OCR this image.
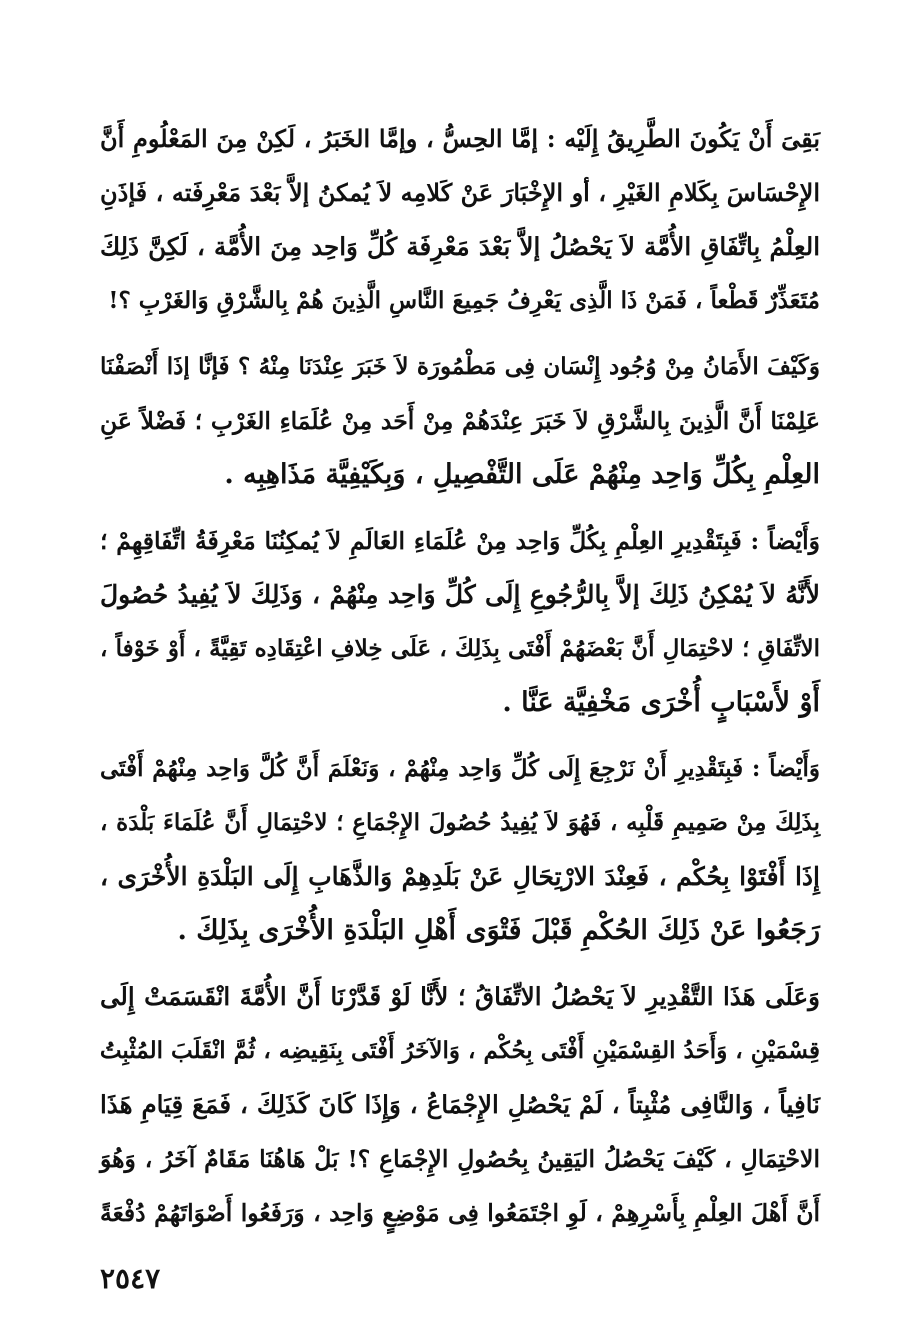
بَقِىَ أَنْ يَكُونَ الطَّرِيقُ إِلَيْه : إمَّا الحِسُّ ، وإمَّا الخَبَرُ ، لَكِنْ مِنَ المَعْلُومِ أَنَّ
الإِحْسَاسَ بِكَلامِ الغَيْرِ ، أو الإِخْبَارَ عَنْ كَلامِه لاَ يُمكنُ إلاَّ بَعْدَ مَعْرِفَته ، فَإذَنِ
العِلْمُ بِاتِّفَاقِ الأُمَّة لاَ يَحْصُلُ إلاَّ بَعْدَ مَعْرِفَة كُلِّ وَاحِد مِنَ الأُمَّة ، لَكِنَّ ذَلِكَ
مُتَعَذِّرٌ قَطْعاً ، فَمَنْ ذَا الَّذِى يَعْرِفُ جَمِيعَ النَّاسِ الَّذِينَ هُمْ بِالشَّرْقِ وَالغَرْبِ ؟!

وَكَيْفَ الأَمَانُ مِنْ وُجُود إِنْسَان فِى مَطْمُورَة لاَ خَبَرَ عِنْدَنَا مِنْهُ ؟ فَإنَّا إذَا أَنْصَفْنَا
عَلِمْنَا أَنَّ الَّذِينَ بِالشَّرْقِ لاَ خَبَرَ عِنْدَهُمْ مِنْ أَحَد مِنْ عُلَمَاءِ الغَرْبِ ؛ فَضْلاً عَنِ
العِلْمِ بِكُلِّ وَاحِد مِنْهُمْ عَلَى التَّفْصِيلِ ، وَبِكَيْفِيَّة مَذَاهِبِه .

وَأَيْضاً : فَبِتَقْدِيرِ العِلْمِ بِكُلِّ وَاحِد مِنْ عُلَمَاءِ العَالَمِ لاَ يُمكِنُنَا مَعْرِفَةُ اتِّفَاقِهِمْ ؛
لأَنَّهُ لاَ يُمْكِنُ ذَلِكَ إلاَّ بِالرُّجُوعِ إِلَى كُلِّ وَاحِد مِنْهُمْ ، وَذَلِكَ لاَ يُفِيدُ حُصُولَ
الاتِّفَاقِ ؛ لاحْتِمَالِ أَنَّ بَعْضَهُمْ أَفْتَى بِذَلِكَ ، عَلَى خِلافِ اعْتِقَادِه تَقِيَّةً ، أَوْ خَوْفاً ،
أَوْ لأَسْبَابٍ أُخْرَى مَخْفِيَّة عَنَّا .

وَأَيْضاً : فَبِتَقْدِيرِ أَنْ نَرْجِعَ إِلَى كُلِّ وَاحِد مِنْهُمْ ، وَنَعْلَمَ أَنَّ كُلَّ وَاحِد مِنْهُمْ أَفْتَى
بِذَلِكَ مِنْ صَمِيمِ قَلْبِه ، فَهُوَ لاَ يُفِيدُ حُصُولَ الإِجْمَاعِ ؛ لاحْتِمَالِ أَنَّ عُلَمَاءَ بَلْدَة ،
إِذَا أَفْتَوْا بِحُكْم ، فَعِنْدَ الارْتِحَالِ عَنْ بَلَدِهِمْ وَالذَّهَابِ إِلَى البَلْدَةِ الأُخْرَى ،
رَجَعُوا عَنْ ذَلِكَ الحُكْمِ قَبْلَ فَتْوَى أَهْلِ البَلْدَةِ الأُخْرَى بِذَلِكَ .

وَعَلَى هَذَا التَّقْدِيرِ لاَ يَحْصُلُ الاتِّفَاقُ ؛ لأَنَّا لَوْ قَدَّرْنَا أَنَّ الأُمَّةَ انْقَسَمَتْ إِلَى
قِسْمَيْنِ ، وَأَحَدُ القِسْمَيْنِ أَفْتَى بِحُكْم ، وَالآخَرُ أَفْتَى بِنَقِيضِه ، ثُمَّ انْقَلَبَ المُثْبِتُ
نَافِياً ، وَالنَّافِى مُثْبِتاً ، لَمْ يَحْصُلِ الإِجْمَاعُ ، وَإِذَا كَانَ كَذَلِكَ ، فَمَعَ قِيَامِ هَذَا
الاحْتِمَالِ ، كَيْفَ يَحْصُلُ اليَقِينُ بِحُصُولِ الإِجْمَاعِ ؟! بَلْ هَاهُنَا مَقَامٌ آخَرُ ، وَهُوَ
أَنَّ أَهْلَ العِلْمِ بِأَسْرِهِمْ ، لَوِ اجْتَمَعُوا فِى مَوْضِعٍ وَاحِد ، وَرَفَعُوا أَصْوَاتَهُمْ دُفْعَةً

٢٥٤٧
